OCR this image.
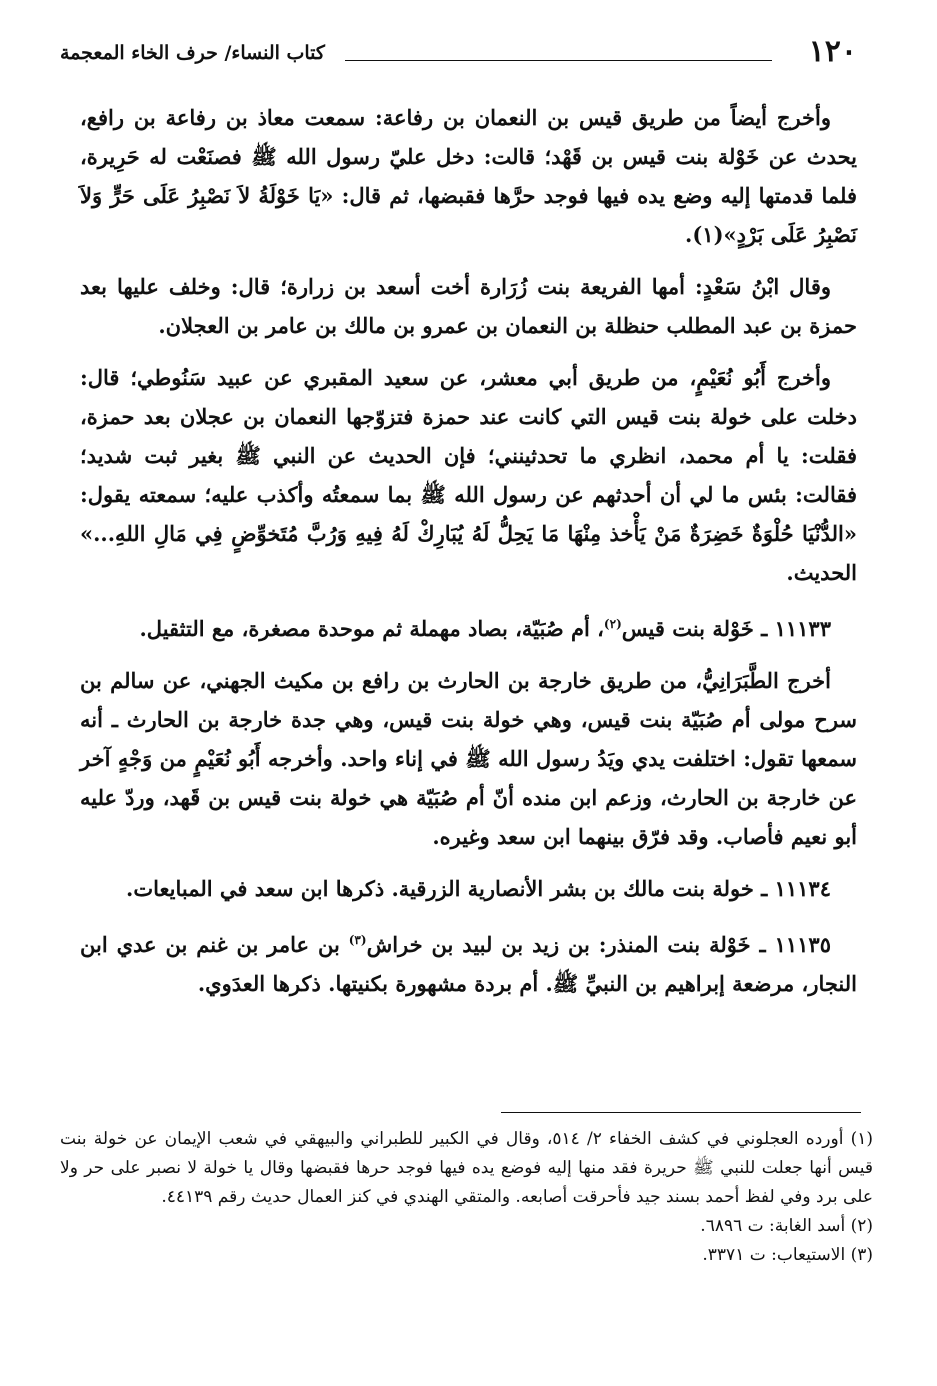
١٢٠
كتاب النساء/ حرف الخاء المعجمة

وأخرج أيضاً من طريق قيس بن النعمان بن رفاعة: سمعت معاذ بن رفاعة بن رافع، يحدث عن خَوْلة بنت قيس بن قَهْد؛ قالت: دخل عليّ رسول الله ﷺ فصنَعْت له حَرِيرة، فلما قدمتها إليه وضع يده فيها فوجد حرَّها فقبضها، ثم قال: «يَا خَوْلَةُ لاَ نَصْبِرُ عَلَى حَرٍّ وَلاَ نَصْبِرُ عَلَى بَرْدٍ»(١).

وقال ابْنُ سَعْدٍ: أمها الفريعة بنت زُرَارة أخت أسعد بن زرارة؛ قال: وخلف عليها بعد حمزة بن عبد المطلب حنظلة بن النعمان بن عمرو بن مالك بن عامر بن العجلان.

وأخرج أَبُو نُعَيْمٍ، من طريق أبي معشر، عن سعيد المقبري عن عبيد سَنُوطي؛ قال: دخلت على خولة بنت قيس التي كانت عند حمزة فتزوّجها النعمان بن عجلان بعد حمزة، فقلت: يا أم محمد، انظري ما تحدثينني؛ فإن الحديث عن النبي ﷺ بغير ثبت شديد؛ فقالت: بئس ما لي أن أحدثهم عن رسول الله ﷺ بما سمعتُه وأكذب عليه؛ سمعته يقول: «الدُّنْيَا حُلْوَةٌ خَضِرَةٌ مَنْ يَأْخذ مِنْهَا مَا يَحِلُّ لَهُ يُبَارِكْ لَهُ فِيهِ وَرُبَّ مُتَخوِّضٍ فِي مَالِ اللهِ...» الحديث.

١١١٣٣ ـ خَوْلة بنت قيس$^{(٢)}$، أم صُبَيّة، بصاد مهملة ثم موحدة مصغرة، مع التثقيل.

أخرج الطَّبَرَانِيُّ، من طريق خارجة بن الحارث بن رافع بن مكيث الجهني، عن سالم بن سرح مولى أم صُبَيّة بنت قيس، وهي خولة بنت قيس، وهي جدة خارجة بن الحارث ـ أنه سمعها تقول: اختلفت يدي ويَدُ رسول الله ﷺ في إناء واحد. وأخرجه أَبُو نُعَيْمٍ من وَجْهٍ آخر عن خارجة بن الحارث، وزعم ابن منده أنّ أم صُبَيّة هي خولة بنت قيس بن قَهد، وردّ عليه أبو نعيم فأصاب. وقد فرّق بينهما ابن سعد وغيره.

١١١٣٤ ـ خولة بنت مالك بن بشر الأنصارية الزرقية. ذكرها ابن سعد في المبايعات.

١١١٣٥ ـ خَوْلة بنت المنذر: بن زيد بن لبيد بن خراش$^{(٣)}$ بن عامر بن غنم بن عدي ابن النجار، مرضعة إبراهيم بن النبيِّ ﷺ. أم بردة مشهورة بكنيتها. ذكرها العدَوي.

(١) أورده العجلوني في كشف الخفاء ٢/ ٥١٤، وقال في الكبير للطبراني والبيهقي في شعب الإيمان عن خولة بنت قيس أنها جعلت للنبي ﷺ حريرة فقد منها إليه فوضع يده فيها فوجد حرها فقبضها وقال يا خولة لا نصبر على حر ولا على برد وفي لفظ أحمد بسند جيد فأحرقت أصابعه. والمتقي الهندي في كنز العمال حديث رقم ٤٤١٣٩.

(٢) أسد الغابة: ت ٦٨٩٦.

(٣) الاستيعاب: ت ٣٣٧١.
